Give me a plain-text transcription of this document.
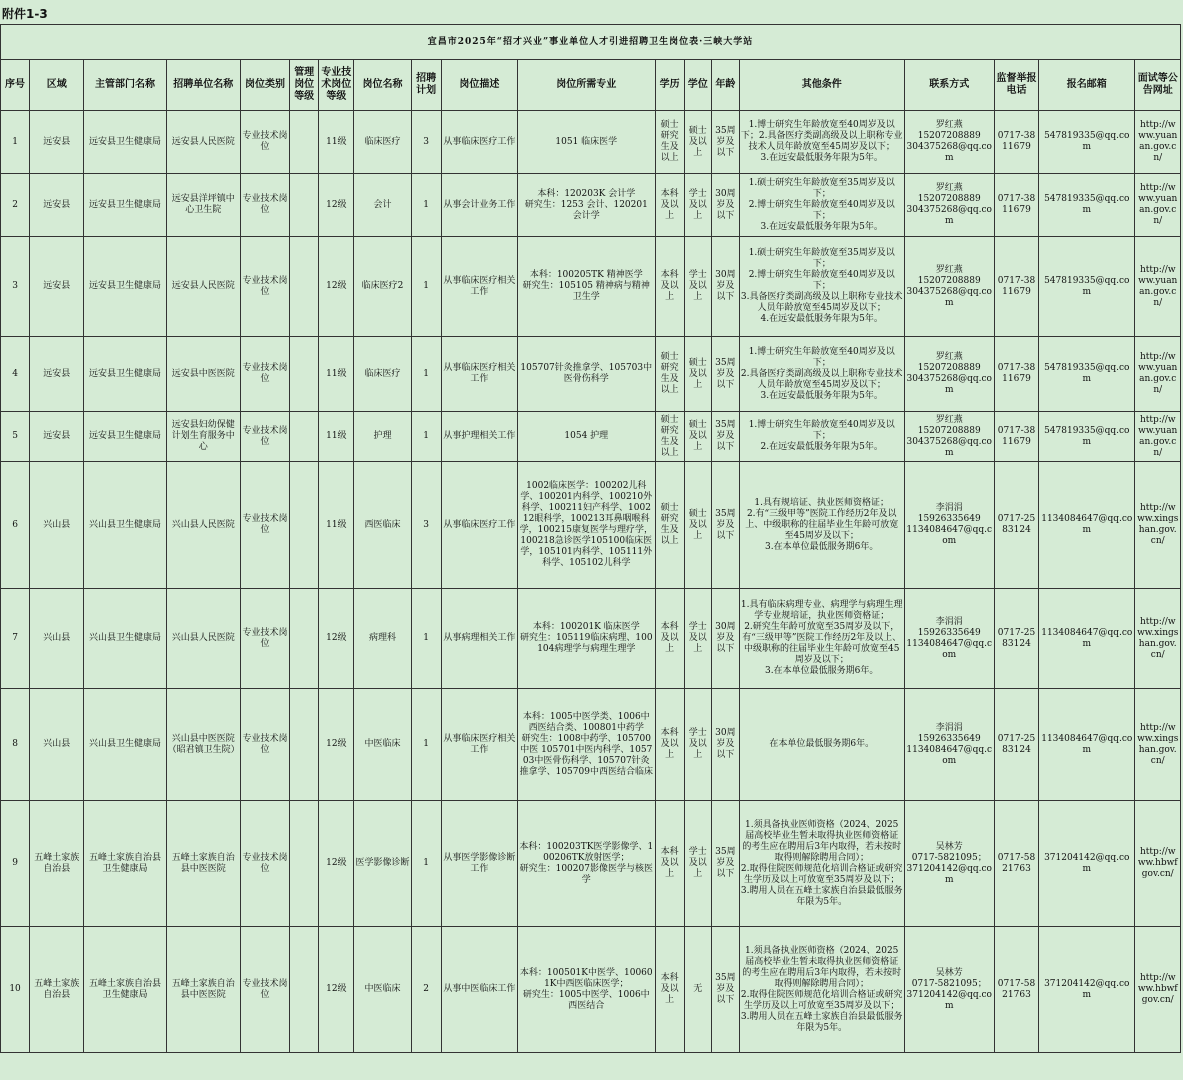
附件1-3
宜昌市2025年“招才兴业”事业单位人才引进招聘卫生岗位表·三峡大学站																		
序号	区域	主管部门名称	招聘单位名称	岗位类别	管理岗位等级	专业技术岗位等级	岗位名称	招聘计划	岗位描述	岗位所需专业	学历	学位	年龄	其他条件	联系方式	监督举报电话	报名邮箱	面试等公告网址
1	远安县	远安县卫生健康局	远安县人民医院	专业技术岗位		11级	临床医疗	3	从事临床医疗工作	1051 临床医学	硕士研究生及以上	硕士及以上	35周岁及以下	1.博士研究生年龄放宽至40周岁及以下；2.具备医疗类副高级及以上职称专业技术人员年龄放宽至45周岁及以下；
3.在远安最低服务年限为5年。	罗红燕
15207208889
304375268@qq.com	0717-3811679	547819335@qq.com	http://www.yuanan.gov.cn/
2	远安县	远安县卫生健康局	远安县洋坪镇中心卫生院	专业技术岗位		12级	会计	1	从事会计业务工作	本科：120203K 会计学
研究生：1253 会计、120201 会计学	本科及以上	学士及以上	30周岁及以下	1.硕士研究生年龄放宽至35周岁及以下；
2.博士研究生年龄放宽至40周岁及以下；
3.在远安最低服务年限为5年。	罗红燕
15207208889
304375268@qq.com	0717-3811679	547819335@qq.com	http://www.yuanan.gov.cn/
3	远安县	远安县卫生健康局	远安县人民医院	专业技术岗位		12级	临床医疗2	1	从事临床医疗相关工作	本科：100205TK 精神医学
研究生：105105 精神病与精神卫生学	本科及以上	学士及以上	30周岁及以下	1.硕士研究生年龄放宽至35周岁及以下；
2.博士研究生年龄放宽至40周岁及以下；
3.具备医疗类副高级及以上职称专业技术人员年龄放宽至45周岁及以下；
4.在远安最低服务年限为5年。	罗红燕
15207208889
304375268@qq.com	0717-3811679	547819335@qq.com	http://www.yuanan.gov.cn/
4	远安县	远安县卫生健康局	远安县中医医院	专业技术岗位		11级	临床医疗	1	从事临床医疗相关工作	105707针灸推拿学、105703中医骨伤科学	硕士研究生及以上	硕士及以上	35周岁及以下	1.博士研究生年龄放宽至40周岁及以下；
2.具备医疗类副高级及以上职称专业技术人员年龄放宽至45周岁及以下；
3.在远安最低服务年限为5年。	罗红燕
15207208889
304375268@qq.com	0717-3811679	547819335@qq.com	http://www.yuanan.gov.cn/
5	远安县	远安县卫生健康局	远安县妇幼保健计划生育服务中心	专业技术岗位		11级	护理	1	从事护理相关工作	1054 护理	硕士研究生及以上	硕士及以上	35周岁及以下	1.博士研究生年龄放宽至40周岁及以下；
2.在远安最低服务年限为5年。	罗红燕
15207208889
304375268@qq.com	0717-3811679	547819335@qq.com	http://www.yuanan.gov.cn/
6	兴山县	兴山县卫生健康局	兴山县人民医院	专业技术岗位		11级	西医临床	3	从事临床医疗工作	1002临床医学：100202儿科学、100201内科学、100210外科学、100211妇产科学、100212眼科学，100213耳鼻咽喉科学，100215康复医学与理疗学，100218急诊医学105100临床医学，105101内科学、105111外科学、105102儿科学	硕士研究生及以上	硕士及以上	35周岁及以下	1.具有规培证、执业医师资格证；
2.有“三级甲等”医院工作经历2年及以上、中级职称的往届毕业生年龄可放宽至45周岁及以下；
3.在本单位最低服务期6年。	李涓涓
15926335649
1134084647@qq.com	0717-2583124	1134084647@qq.com	http://www.xingshan.gov.cn/
7	兴山县	兴山县卫生健康局	兴山县人民医院	专业技术岗位		12级	病理科	1	从事病理相关工作	本科：100201K 临床医学
研究生：105119临床病理、100104病理学与病理生理学	本科及以上	学士及以上	30周岁及以下	1.具有临床病理专业、病理学与病理生理学专业规培证，执业医师资格证；
2.研究生年龄可放宽至35周岁及以下，有“三级甲等”医院工作经历2年及以上、中级职称的往届毕业生年龄可放宽至45周岁及以下；
3.在本单位最低服务期6年。	李涓涓
15926335649
1134084647@qq.com	0717-2583124	1134084647@qq.com	http://www.xingshan.gov.cn/
8	兴山县	兴山县卫生健康局	兴山县中医医院（昭君镇卫生院）	专业技术岗位		12级	中医临床	1	从事临床医疗相关工作	本科：1005中医学类、1006中西医结合类、100801中药学
研究生：1008中药学、105700中医 105701中医内科学、105703中医骨伤科学、105707针灸推拿学、105709中西医结合临床	本科及以上	学士及以上	30周岁及以下	在本单位最低服务期6年。	李涓涓
15926335649
1134084647@qq.com	0717-2583124	1134084647@qq.com	http://www.xingshan.gov.cn/
9	五峰土家族自治县	五峰土家族自治县卫生健康局	五峰土家族自治县中医医院	专业技术岗位		12级	医学影像诊断	1	从事医学影像诊断工作	本科：100203TK医学影像学、100206TK放射医学；
研究生：100207影像医学与核医学	本科及以上	学士及以上	35周岁及以下	1.须具备执业医师资格（2024、2025届高校毕业生暂未取得执业医师资格证的考生应在聘用后3年内取得，若未按时取得则解除聘用合同）；
2.取得住院医师规范化培训合格证或研究生学历及以上可放宽至35周岁及以下；
3.聘用人员在五峰土家族自治县最低服务年限为5年。	吴林芳
0717-5821095；
371204142@qq.com	0717-5821763	371204142@qq.com	http://www.hbwfgov.cn/
10	五峰土家族自治县	五峰土家族自治县卫生健康局	五峰土家族自治县中医医院	专业技术岗位		12级	中医临床	2	从事中医临床工作	本科：100501K中医学、100601K中西医临床医学；
研究生：1005中医学、1006中西医结合	本科及以上	无	35周岁及以下	1.须具备执业医师资格（2024、2025届高校毕业生暂未取得执业医师资格证的考生应在聘用后3年内取得，若未按时取得则解除聘用合同）；
2.取得住院医师规范化培训合格证或研究生学历及以上可放宽至35周岁及以下；
3.聘用人员在五峰土家族自治县最低服务年限为5年。	吴林芳
0717-5821095；
371204142@qq.com	0717-5821763	371204142@qq.com	http://www.hbwfgov.cn/
